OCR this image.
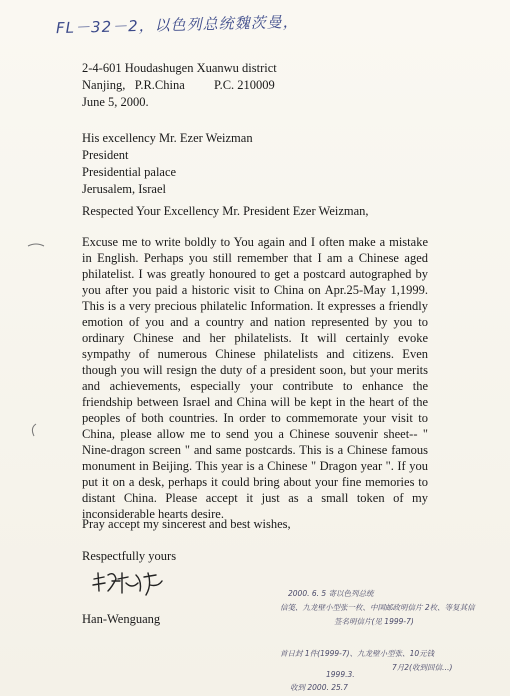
FL－32－2，以色列总统魏茨曼，
2-4-601 Houdashugen Xuanwu district
Nanjing, P.R.China	P.C. 210009
June 5, 2000.
His excellency Mr. Ezer Weizman
President
Presidential palace
Jerusalem, Israel
Respected Your Excellency Mr. President Ezer Weizman,
Excuse me to write boldly to You again and I often make a mistake in English. Perhaps you still remember that I am a Chinese aged philatelist. I was greatly honoured to get a postcard autographed by you after you paid a historic visit to China on Apr.25-May 1,1999. This is a very precious philatelic Information. It expresses a friendly emotion of you and a country and nation represented by you to ordinary Chinese and her philatelists. It will certainly evoke sympathy of numerous Chinese philatelists and citizens. Even though you will resign the duty of a president soon, but your merits and achievements, especially your contribute to enhance the friendship between Israel and China will be kept in the heart of the peoples of both countries. In order to commemorate your visit to China, please allow me to send you a Chinese souvenir sheet-- " Nine-dragon screen " and same postcards. This is a Chinese famous monument in Beijing. This year is a Chinese " Dragon year ". If you put it on a desk, perhaps it could bring about your fine memories to distant China. Please accept it just as a small token of my inconsiderable hearts desire.
Pray accept my sincerest and best wishes,
Respectfully yours
Han-Wenguang
2000. 6. 5 寄以色列总统
信笺、九龙壁小型张一枚、中国邮政明信片 2枚、等复其信
签名明信片(见 1999-7)
首日封 1件(1999-7)、九龙壁小型张、10元钱
7月2(收到回信…)
1999.3.
收到 2000. 25.7
